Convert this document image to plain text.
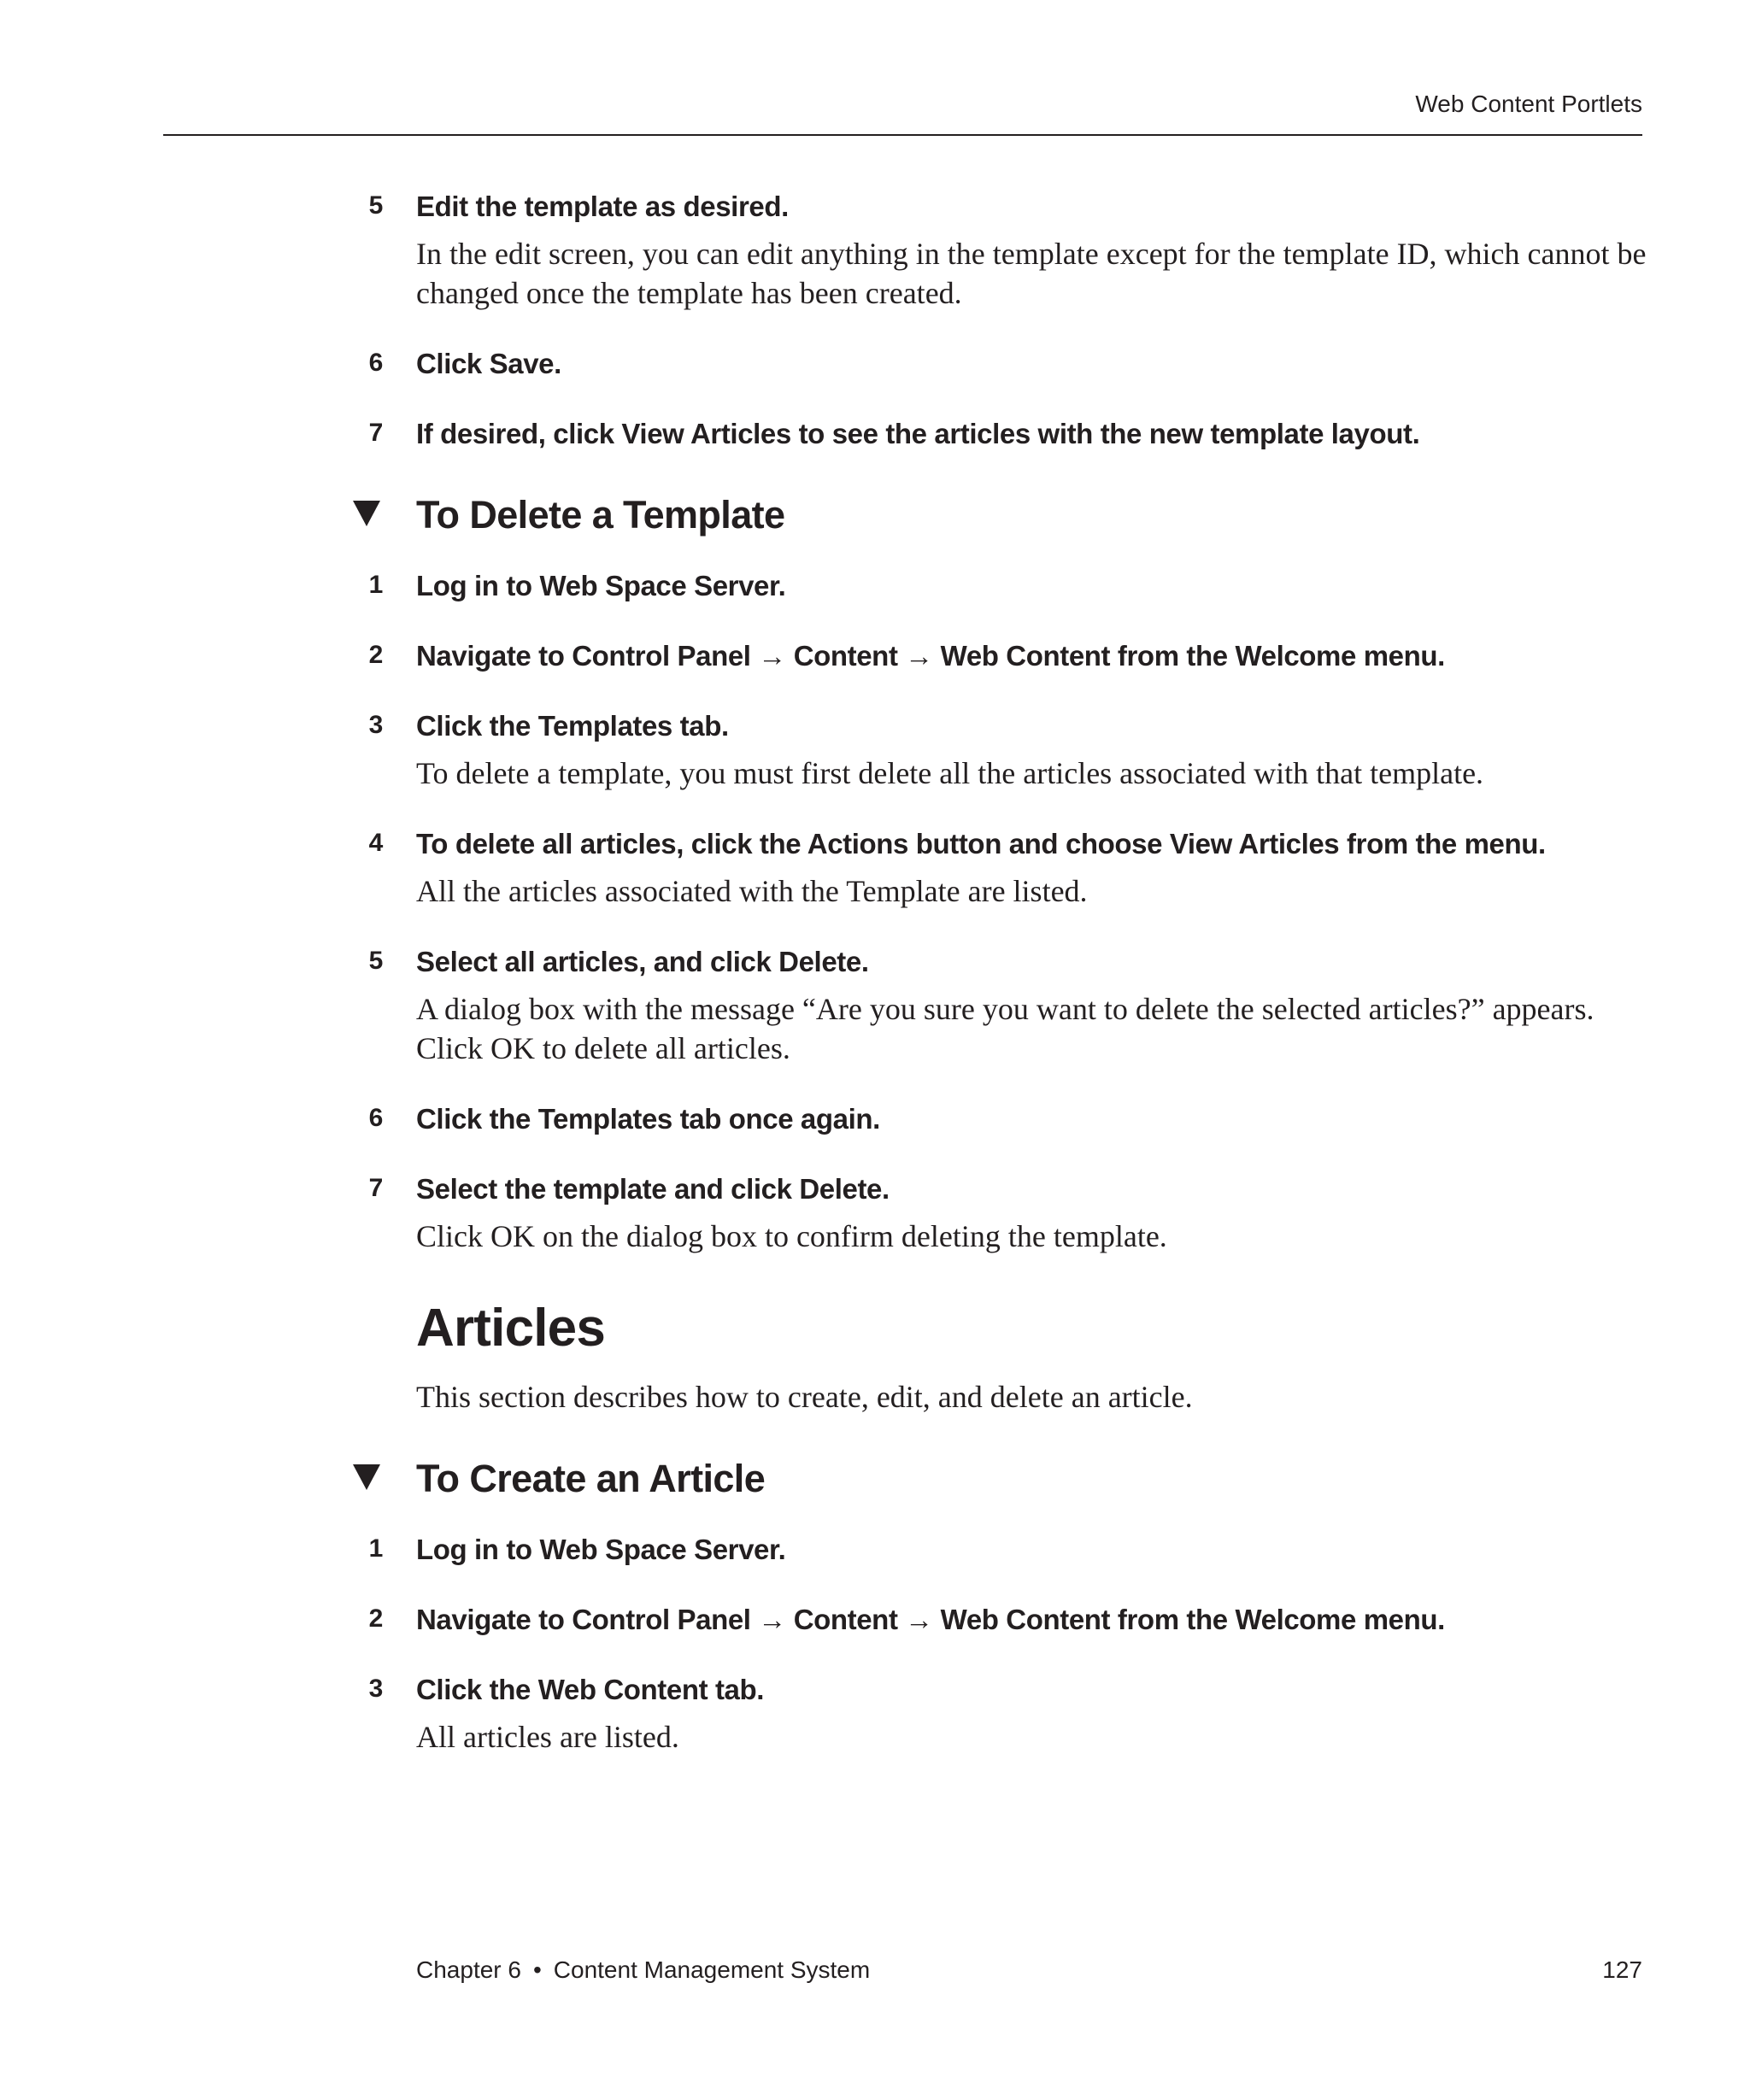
Web Content Portlets
5 Edit the template as desired.
In the edit screen, you can edit anything in the template except for the template ID, which cannot be changed once the template has been created.
6 Click Save.
7 If desired, click View Articles to see the articles with the new template layout.
To Delete a Template
1 Log in to Web Space Server.
2 Navigate to Control Panel → Content → Web Content from the Welcome menu.
3 Click the Templates tab.
To delete a template, you must first delete all the articles associated with that template.
4 To delete all articles, click the Actions button and choose View Articles from the menu.
All the articles associated with the Template are listed.
5 Select all articles, and click Delete.
A dialog box with the message “Are you sure you want to delete the selected articles?” appears. Click OK to delete all articles.
6 Click the Templates tab once again.
7 Select the template and click Delete.
Click OK on the dialog box to confirm deleting the template.
Articles
This section describes how to create, edit, and delete an article.
To Create an Article
1 Log in to Web Space Server.
2 Navigate to Control Panel → Content → Web Content from the Welcome menu.
3 Click the Web Content tab.
All articles are listed.
Chapter 6 • Content Management System	127
